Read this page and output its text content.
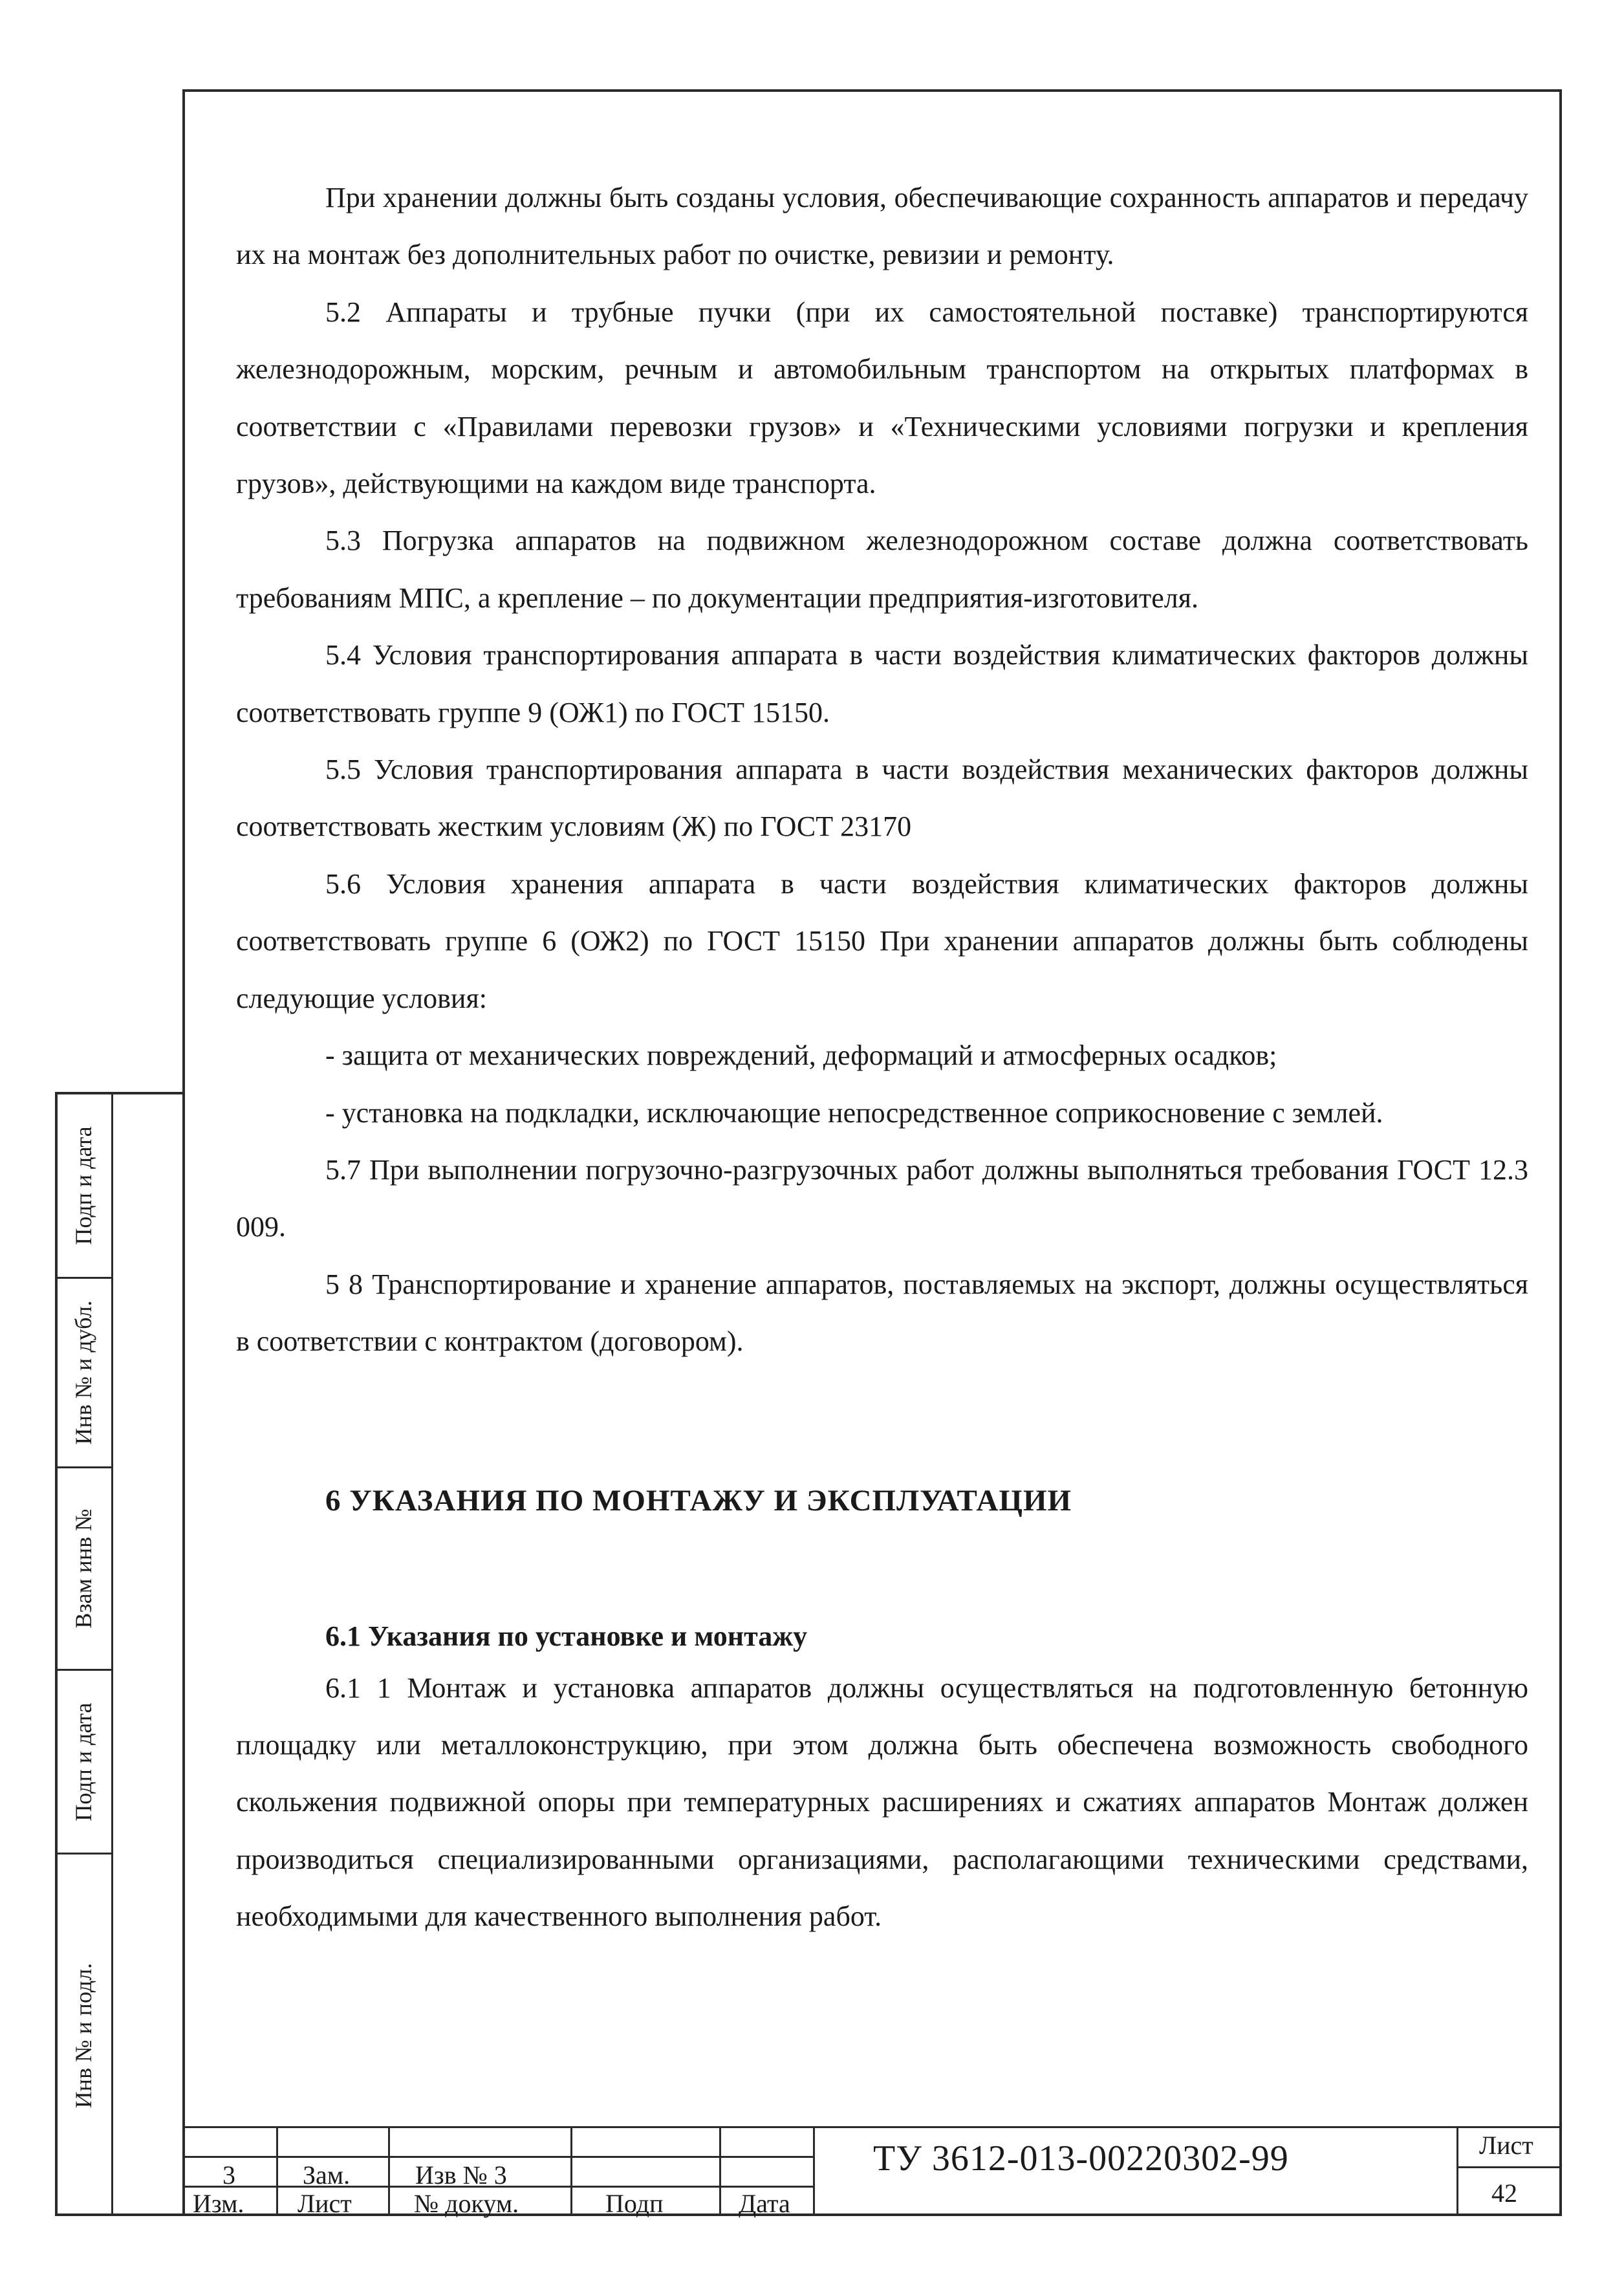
При хранении должны быть созданы условия, обеспечивающие сохранность аппаратов и передачу их на монтаж без дополнительных работ по очистке, ревизии и ремонту.

5.2 Аппараты и трубные пучки (при их самостоятельной поставке) транспортируются железнодорожным, морским, речным и автомобильным транспортом на открытых платформах в соответствии с «Правилами перевозки грузов» и «Техническими условиями погрузки и крепления грузов», действующими на каждом виде транспорта.

5.3 Погрузка аппаратов на подвижном железнодорожном составе должна соответствовать требованиям МПС, а крепление – по документации предприятия-изготовителя.

5.4 Условия транспортирования аппарата в части воздействия климатических факторов должны соответствовать группе 9 (ОЖ1) по ГОСТ 15150.

5.5 Условия транспортирования аппарата в части воздействия механических факторов должны соответствовать жестким условиям (Ж) по ГОСТ 23170

5.6 Условия хранения аппарата в части воздействия климатических факторов должны соответствовать группе 6 (ОЖ2) по ГОСТ 15150 При хранении аппаратов должны быть соблюдены следующие условия:

- защита от механических повреждений, деформаций и атмосферных осадков;

- установка на подкладки, исключающие непосредственное соприкосновение с землей.

5.7 При выполнении погрузочно-разгрузочных работ должны выполняться требования ГОСТ 12.3 009.

5 8 Транспортирование и хранение аппаратов, поставляемых на экспорт, должны осуществляться в соответствии с контрактом (договором).

6 УКАЗАНИЯ ПО МОНТАЖУ И ЭКСПЛУАТАЦИИ
6.1 Указания по установке и монтажу

6.1 1 Монтаж и установка аппаратов должны осуществляться на подготовленную бетонную площадку или металлоконструкцию, при этом должна быть обеспечена возможность свободного скольжения подвижной опоры при температурных расширениях и сжатиях аппаратов Монтаж должен производиться специализированными организациями, располагающими техническими средствами, необходимыми для качественного выполнения работ.

Подп и дата
Инв № и дубл.
Взам инв №
Подп и дата
Инв № и подл.
3	Зам.	Изв № 3
Изм. Лист № докум.	Подп	Дата
ТУ 3612-013-00220302-99	Лист
42
